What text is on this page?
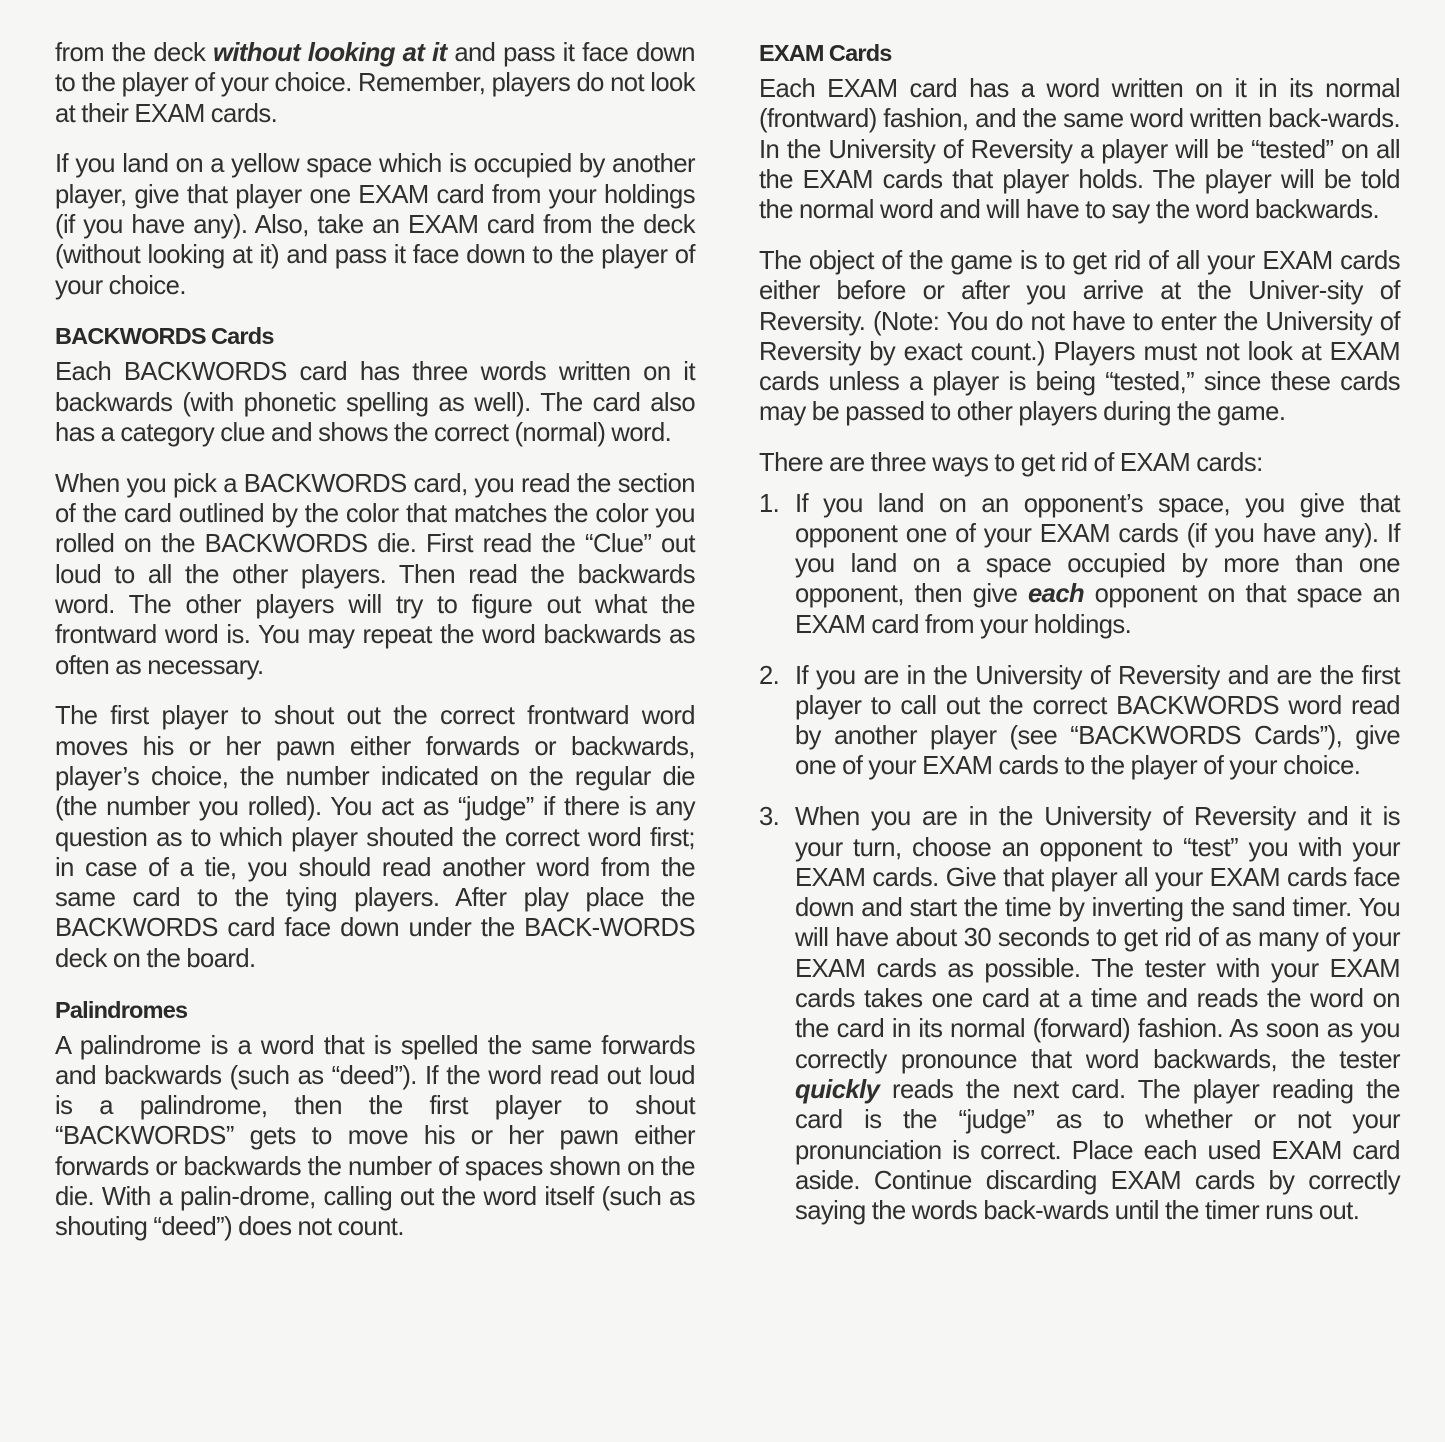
from the deck without looking at it and pass it face down to the player of your choice. Remember, players do not look at their EXAM cards.

If you land on a yellow space which is occupied by another player, give that player one EXAM card from your holdings (if you have any). Also, take an EXAM card from the deck (without looking at it) and pass it face down to the player of your choice.

BACKWORDS Cards

Each BACKWORDS card has three words written on it backwards (with phonetic spelling as well). The card also has a category clue and shows the correct (normal) word.

When you pick a BACKWORDS card, you read the section of the card outlined by the color that matches the color you rolled on the BACKWORDS die. First read the “Clue” out loud to all the other players. Then read the backwards word. The other players will try to figure out what the frontward word is. You may repeat the word backwards as often as necessary.

The first player to shout out the correct frontward word moves his or her pawn either forwards or backwards, player’s choice, the number indicated on the regular die (the number you rolled). You act as “judge” if there is any question as to which player shouted the correct word first; in case of a tie, you should read another word from the same card to the tying players. After play place the BACKWORDS card face down under the BACK-WORDS deck on the board.

Palindromes

A palindrome is a word that is spelled the same forwards and backwards (such as “deed”). If the word read out loud is a palindrome, then the first player to shout “BACKWORDS” gets to move his or her pawn either forwards or backwards the number of spaces shown on the die. With a palin-drome, calling out the word itself (such as shouting “deed”) does not count.

EXAM Cards

Each EXAM card has a word written on it in its normal (frontward) fashion, and the same word written back-wards. In the University of Reversity a player will be “tested” on all the EXAM cards that player holds. The player will be told the normal word and will have to say the word backwards.

The object of the game is to get rid of all your EXAM cards either before or after you arrive at the Univer-sity of Reversity. (Note: You do not have to enter the University of Reversity by exact count.) Players must not look at EXAM cards unless a player is being “tested,” since these cards may be passed to other players during the game.

There are three ways to get rid of EXAM cards:

1. If you land on an opponent’s space, you give that opponent one of your EXAM cards (if you have any). If you land on a space occupied by more than one opponent, then give each opponent on that space an EXAM card from your holdings.
2. If you are in the University of Reversity and are the first player to call out the correct BACKWORDS word read by another player (see “BACKWORDS Cards”), give one of your EXAM cards to the player of your choice.
3. When you are in the University of Reversity and it is your turn, choose an opponent to “test” you with your EXAM cards. Give that player all your EXAM cards face down and start the time by inverting the sand timer. You will have about 30 seconds to get rid of as many of your EXAM cards as possible. The tester with your EXAM cards takes one card at a time and reads the word on the card in its normal (forward) fashion. As soon as you correctly pronounce that word backwards, the tester quickly reads the next card. The player reading the card is the “judge” as to whether or not your pronunciation is correct. Place each used EXAM card aside. Continue discarding EXAM cards by correctly saying the words back-wards until the timer runs out.
